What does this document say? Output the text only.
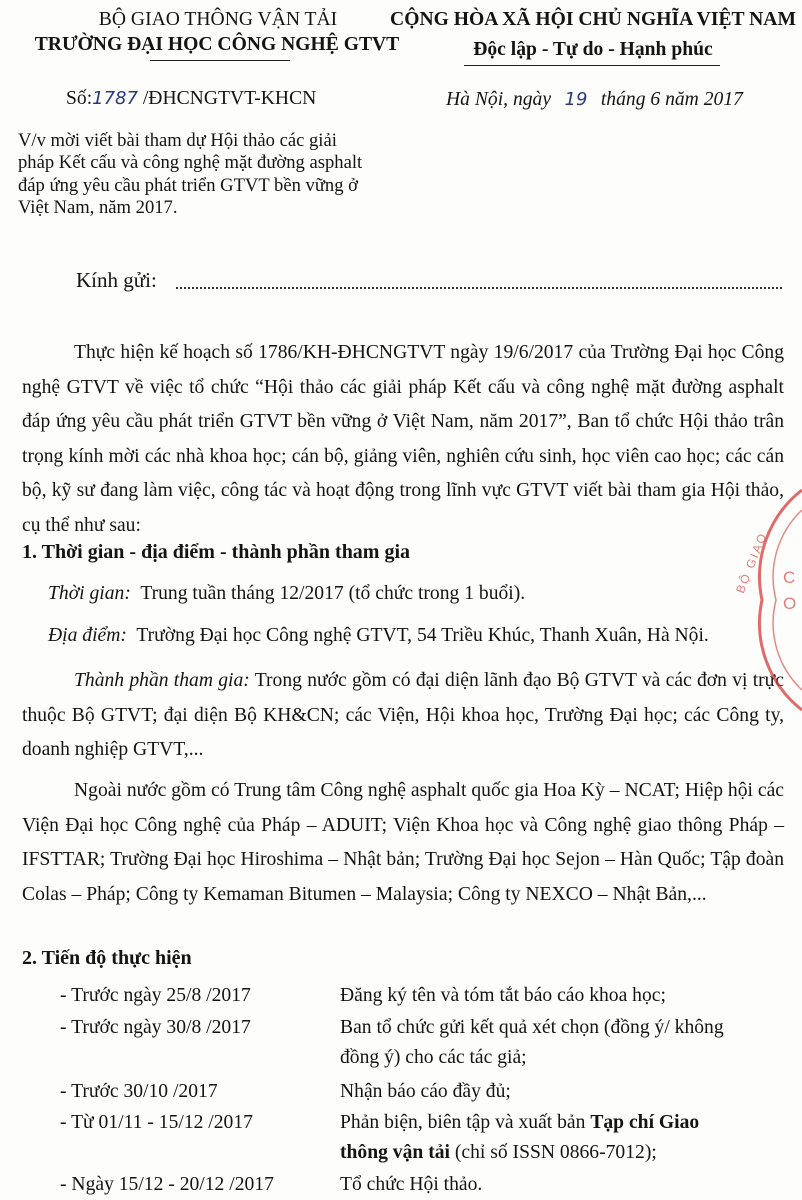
BỘ GIAO THÔNG VẬN TẢI
TRƯỜNG ĐẠI HỌC CÔNG NGHỆ GTVT
Số:1787 /ĐHCNGTVT-KHCN
V/v mời viết bài tham dự Hội thảo các giải
pháp Kết cấu và công nghệ mặt đường asphalt
đáp ứng yêu cầu phát triển GTVT bền vững ở
Việt Nam, năm 2017.
CỘNG HÒA XÃ HỘI CHỦ NGHĨA VIỆT NAM
Độc lập - Tự do - Hạnh phúc
Hà Nội, ngày 19 tháng 6 năm 2017
Kính gửi:
Thực hiện kế hoạch số 1786/KH-ĐHCNGTVT ngày 19/6/2017 của Trường Đại học Công nghệ GTVT về việc tổ chức “Hội thảo các giải pháp Kết cấu và công nghệ mặt đường asphalt đáp ứng yêu cầu phát triển GTVT bền vững ở Việt Nam, năm 2017”, Ban tổ chức Hội thảo trân trọng kính mời các nhà khoa học; cán bộ, giảng viên, nghiên cứu sinh, học viên cao học; các cán bộ, kỹ sư đang làm việc, công tác và hoạt động trong lĩnh vực GTVT viết bài tham gia Hội thảo, cụ thể như sau:
1. Thời gian - địa điểm - thành phần tham gia
Thời gian: Trung tuần tháng 12/2017 (tổ chức trong 1 buổi).
Địa điểm: Trường Đại học Công nghệ GTVT, 54 Triều Khúc, Thanh Xuân, Hà Nội.
Thành phần tham gia: Trong nước gồm có đại diện lãnh đạo Bộ GTVT và các đơn vị trực thuộc Bộ GTVT; đại diện Bộ KH&CN; các Viện, Hội khoa học, Trường Đại học; các Công ty, doanh nghiệp GTVT,...
Ngoài nước gồm có Trung tâm Công nghệ asphalt quốc gia Hoa Kỳ – NCAT; Hiệp hội các Viện Đại học Công nghệ của Pháp – ADUIT; Viện Khoa học và Công nghệ giao thông Pháp – IFSTTAR; Trường Đại học Hiroshima – Nhật bản; Trường Đại học Sejon – Hàn Quốc; Tập đoàn Colas – Pháp; Công ty Kemaman Bitumen – Malaysia; Công ty NEXCO – Nhật Bản,...
2. Tiến độ thực hiện
- Trước ngày 25/8 /2017	Đăng ký tên và tóm tắt báo cáo khoa học;
- Trước ngày 30/8 /2017	Ban tổ chức gửi kết quả xét chọn (đồng ý/ không
đồng ý) cho các tác giả;
- Trước 30/10 /2017	Nhận báo cáo đầy đủ;
- Từ 01/11 - 15/12 /2017	Phản biện, biên tập và xuất bản Tạp chí Giao
thông vận tải (chỉ số ISSN 0866-7012);
- Ngày 15/12 - 20/12 /2017	Tổ chức Hội thảo.
BỘ GIAO C
O
